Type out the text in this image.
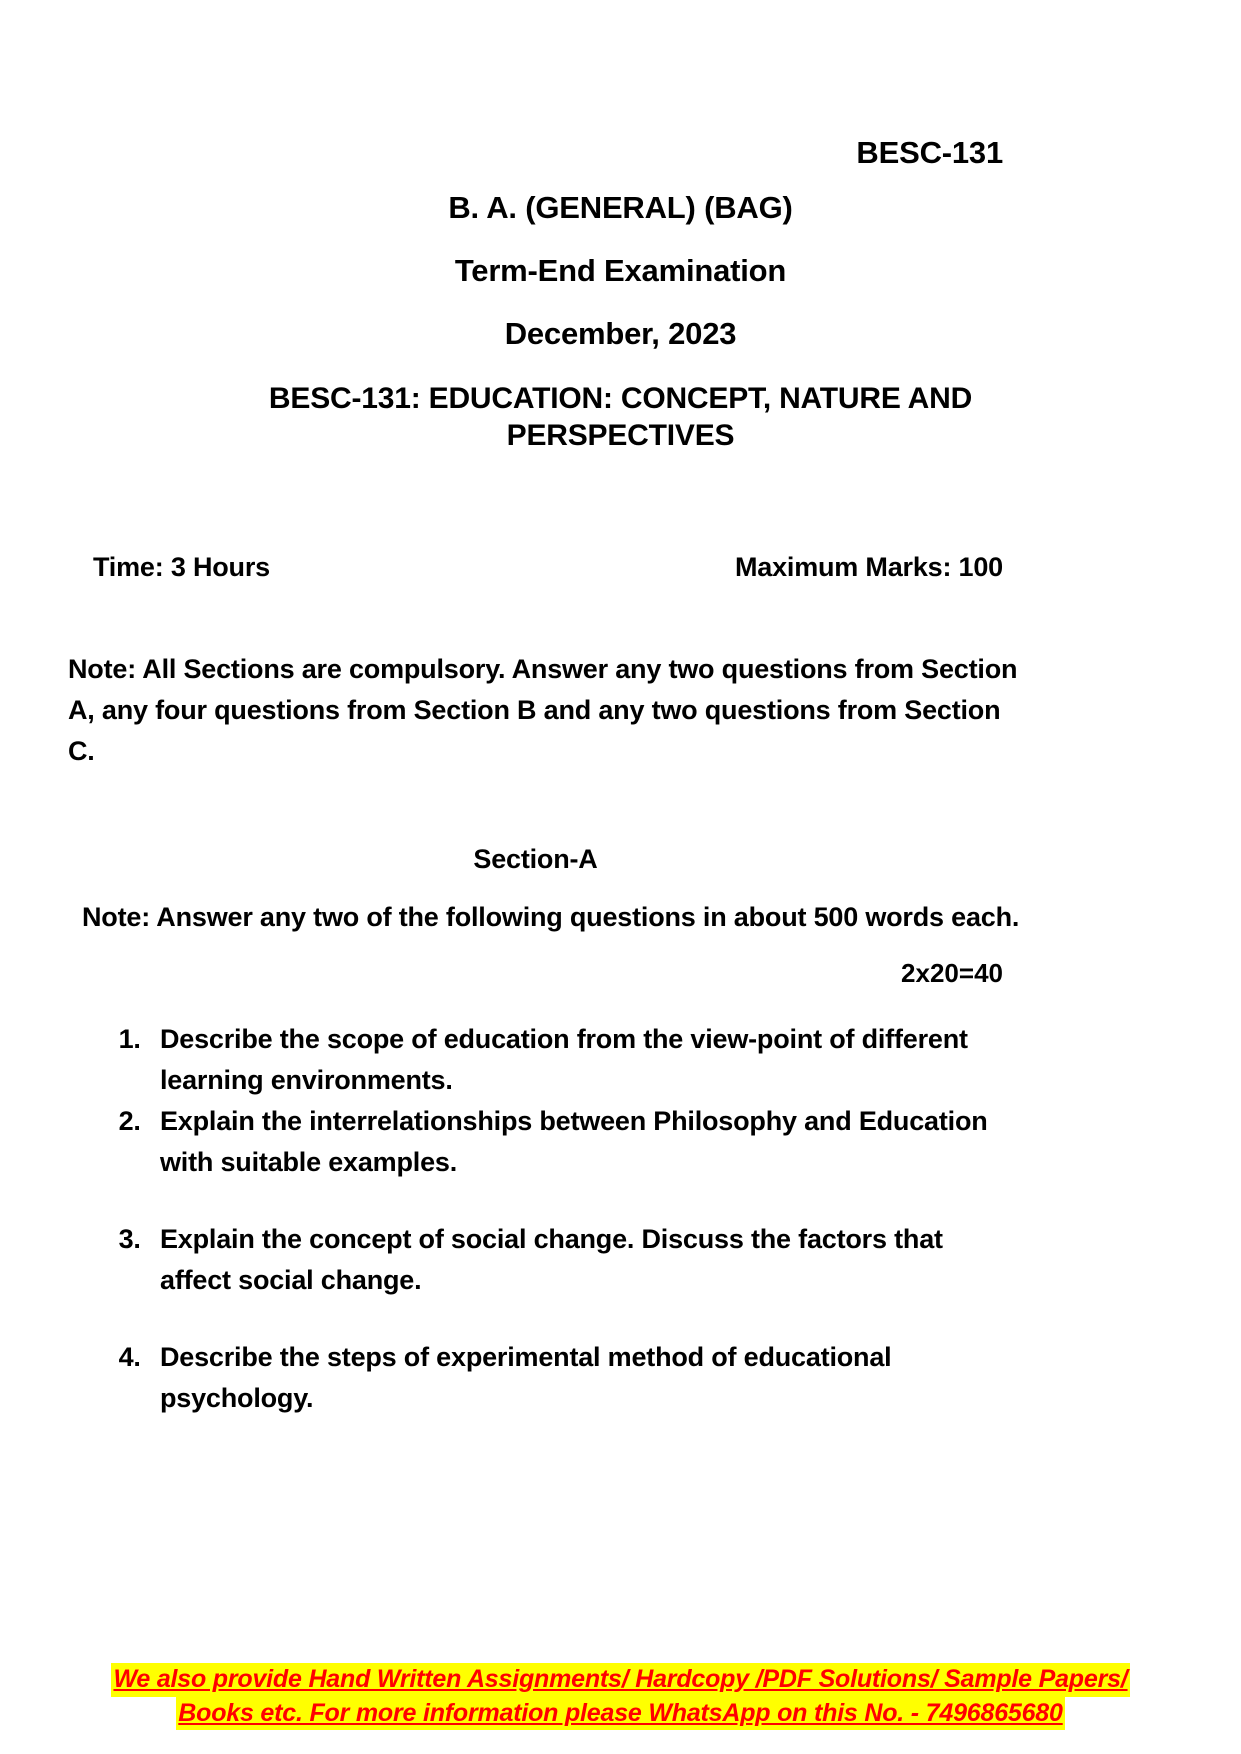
BESC-131
B. A. (GENERAL) (BAG)
Term-End Examination
December, 2023
BESC-131: EDUCATION: CONCEPT, NATURE AND PERSPECTIVES
Time: 3 Hours	Maximum Marks: 100
Note: All Sections are compulsory. Answer any two questions from Section A, any four questions from Section B and any two questions from Section C.
Section-A
Note: Answer any two of the following questions in about 500 words each.
2x20=40
1. Describe the scope of education from the view-point of different learning environments.
2. Explain the interrelationships between Philosophy and Education with suitable examples.
3. Explain the concept of social change. Discuss the factors that affect social change.
4. Describe the steps of experimental method of educational psychology.
We also provide Hand Written Assignments/ Hardcopy /PDF Solutions/ Sample Papers/
Books etc. For more information please WhatsApp on this No. - 7496865680
